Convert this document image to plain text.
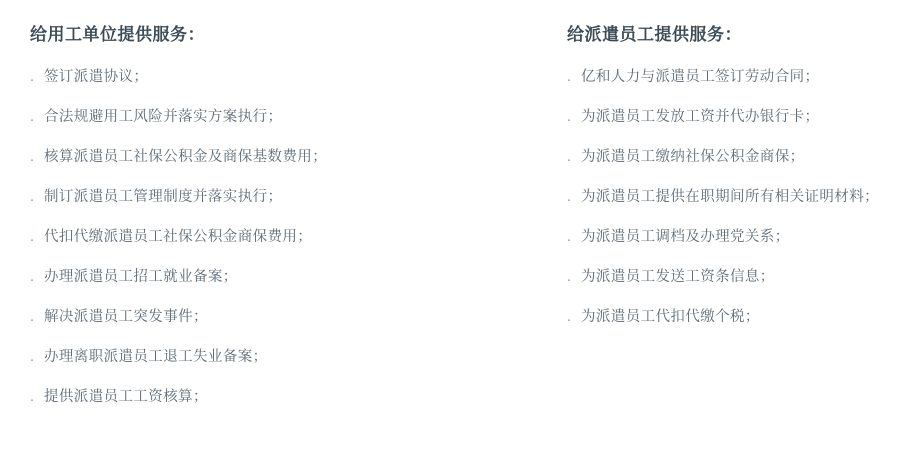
给用工单位提供服务：
. 签订派遣协议；
. 合法规避用工风险并落实方案执行；
. 核算派遣员工社保公积金及商保基数费用；
. 制订派遣员工管理制度并落实执行；
. 代扣代缴派遣员工社保公积金商保费用；
. 办理派遣员工招工就业备案；
. 解决派遣员工突发事件；
. 办理离职派遣员工退工失业备案；
. 提供派遣员工工资核算；
给派遣员工提供服务：
. 亿和人力与派遣员工签订劳动合同；
. 为派遣员工发放工资并代办银行卡；
. 为派遣员工缴纳社保公积金商保；
. 为派遣员工提供在职期间所有相关证明材料；
. 为派遣员工调档及办理党关系；
. 为派遣员工发送工资条信息；
. 为派遣员工代扣代缴个税；
